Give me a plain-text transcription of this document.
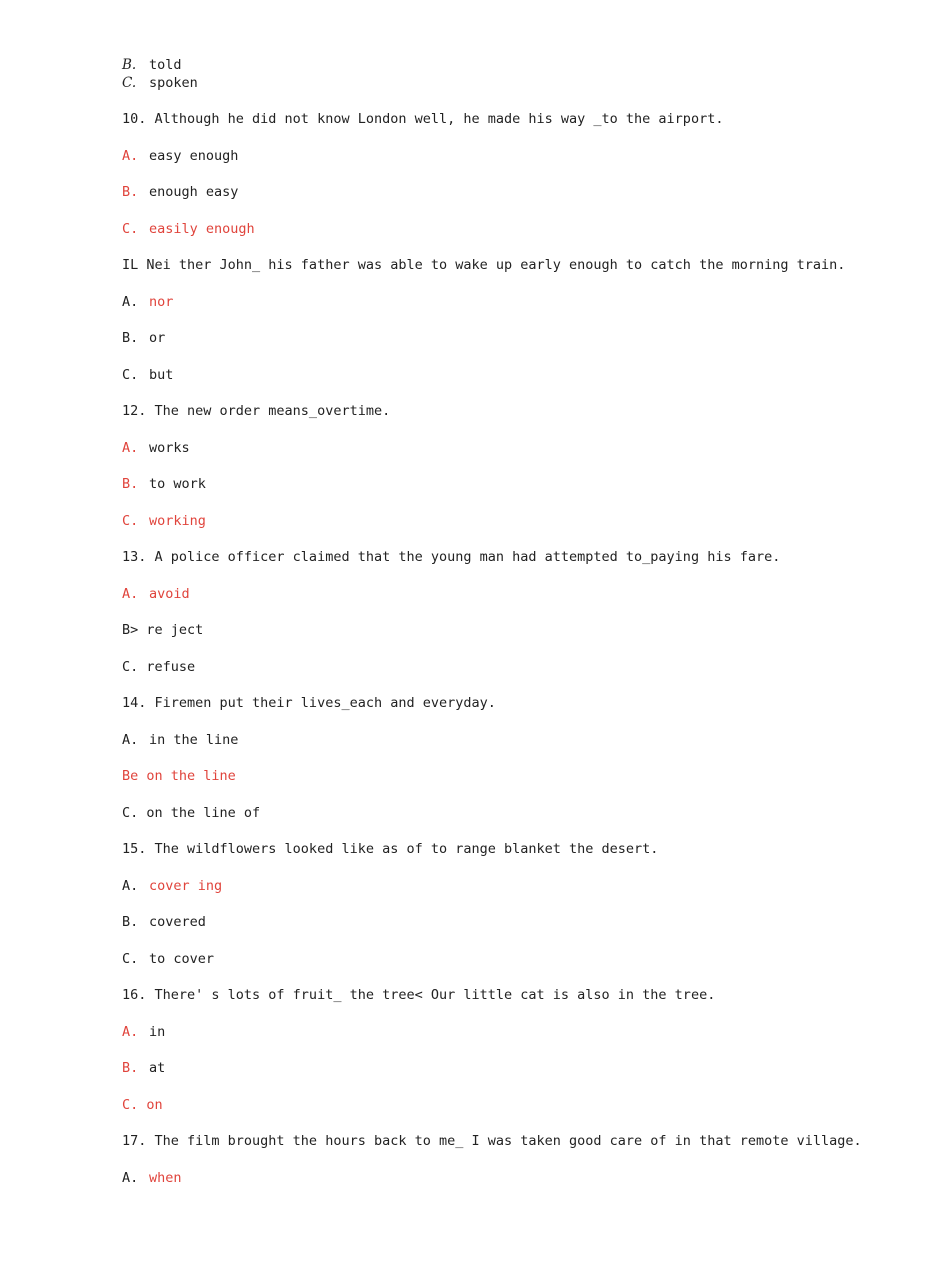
B. told
C. spoken
10. Although he did not know London well, he made his way _to the airport.
A. easy enough
B. enough easy
C. easily enough
IL Nei ther John_ his father was able to wake up early enough to catch the morning train.
A. nor
B. or
C. but
12. The new order means_overtime.
A. works
B. to work
C. working
13. A police officer claimed that the young man had attempted to_paying his fare.
A. avoid
B> re ject
C. refuse
14. Firemen put their lives_each and everyday.
A. in the line
Be on the line
C. on the line of
15. The wildflowers looked like as of to range blanket the desert.
A. cover ing
B. covered
C. to cover
16. There' s lots of fruit_ the tree< Our little cat is also in the tree.
A. in
B. at
C. on
17. The film brought the hours back to me_ I was taken good care of in that remote village.
A. when
